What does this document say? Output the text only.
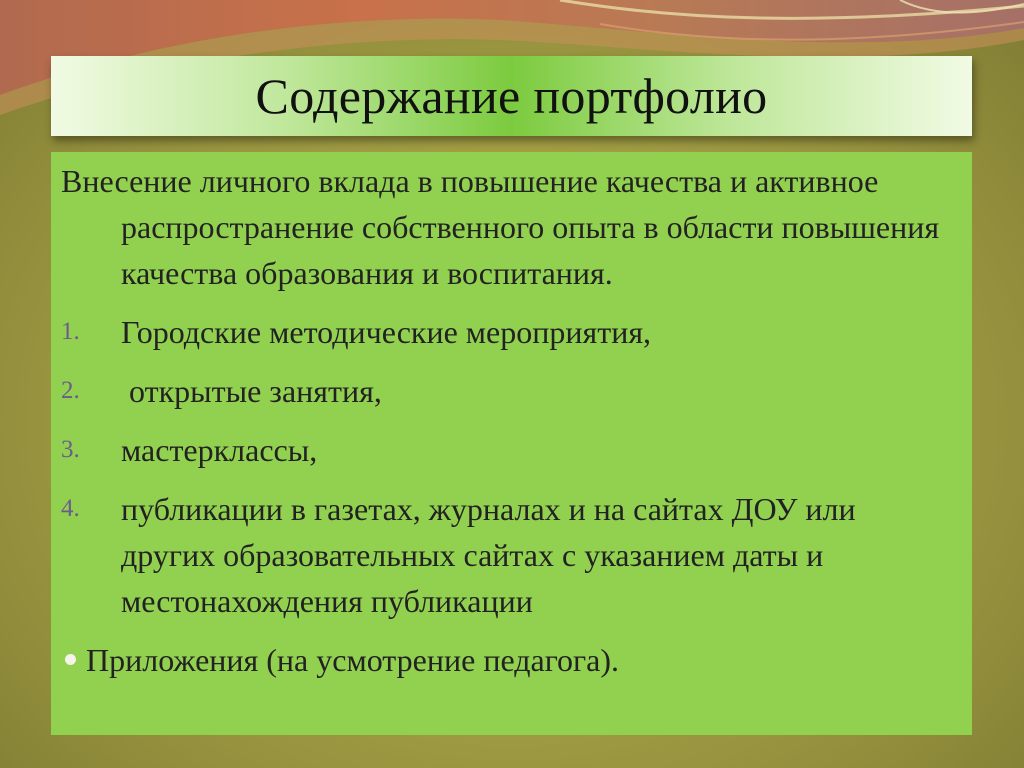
Содержание портфолио

Внесение личного вклада в повышение качества и активное распространение собственного опыта в области повышения качества образования и воспитания.

1.	Городские методические мероприятия,
2.	открытые занятия,
3.	мастерклассы,
4.	публикации в газетах, журналах и на сайтах ДОУ или других образовательных сайтах с указанием даты и местонахождения публикации
Приложения (на усмотрение педагога).
